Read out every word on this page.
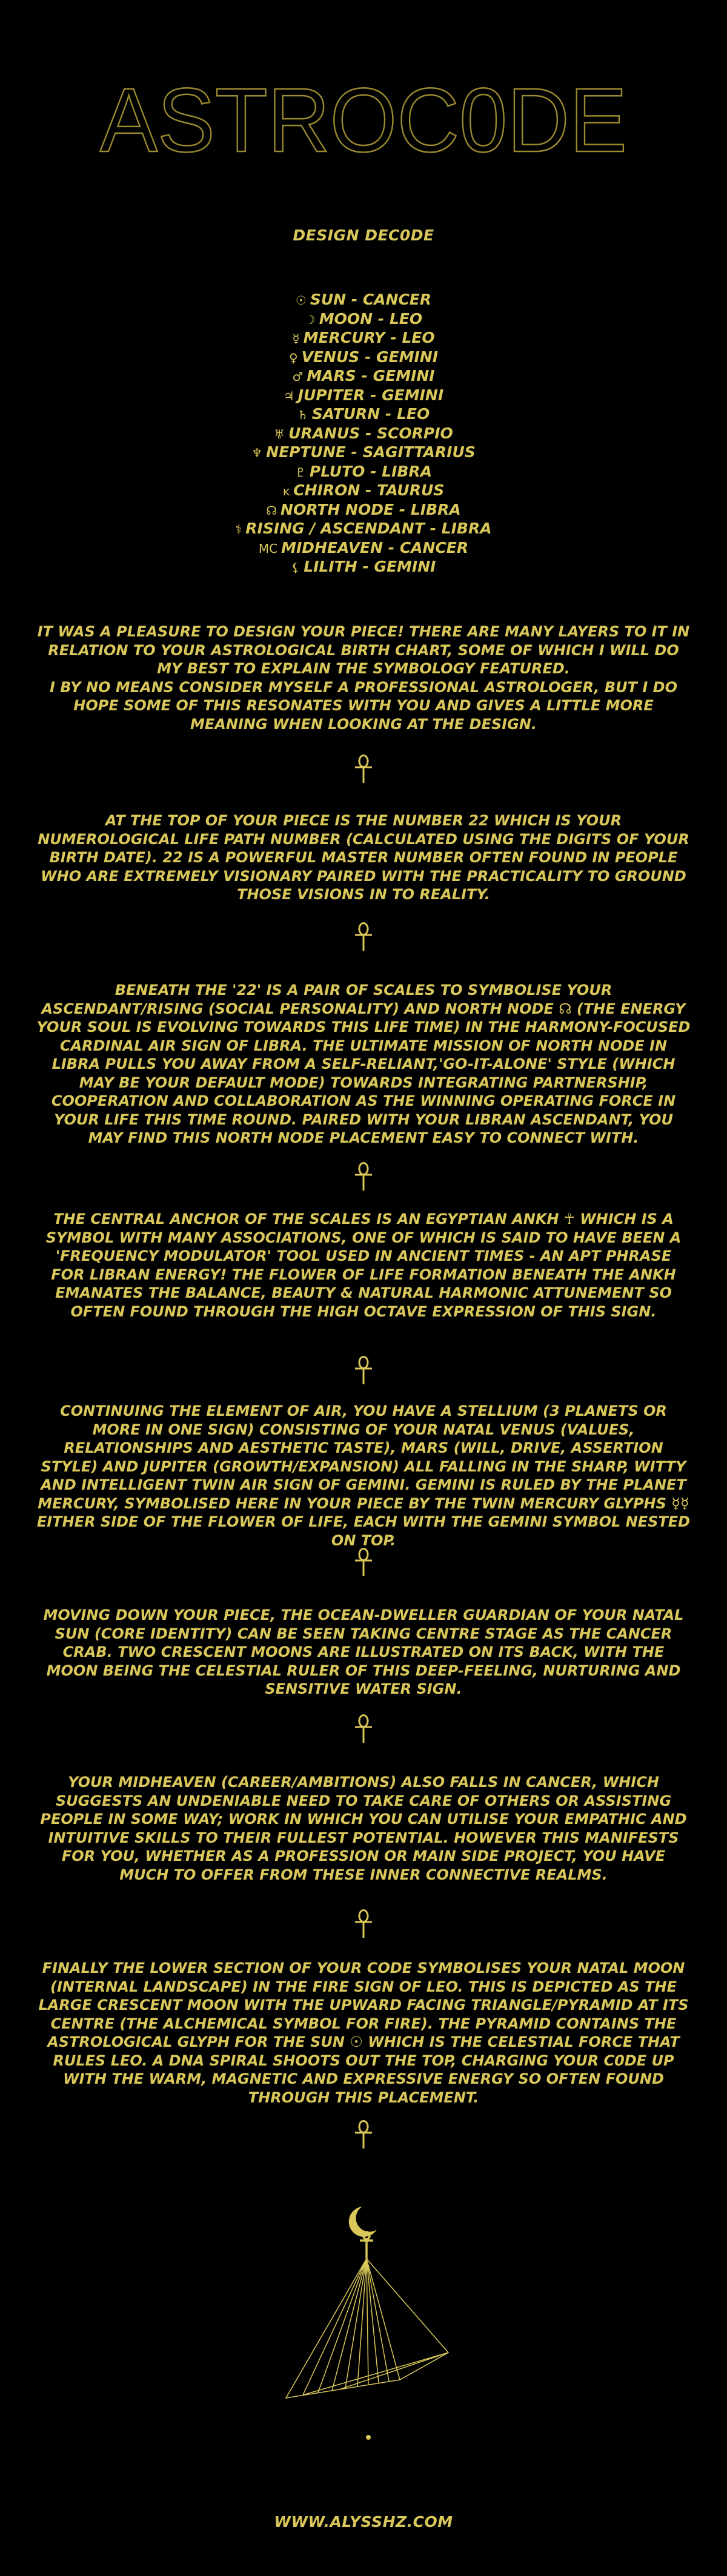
ASTROC0DE
DESIGN DEC0DE
☉ SUN - CANCER
☽ MOON - LEO
☿ MERCURY - LEO
♀ VENUS - GEMINI
♂ MARS - GEMINI
♃ JUPITER - GEMINI
♄ SATURN - LEO
♅ URANUS - SCORPIO
♆ NEPTUNE - SAGITTARIUS
♇ PLUTO - LIBRA
ĸ CHIRON - TAURUS
☊ NORTH NODE - LIBRA
⚕ RISING / ASCENDANT - LIBRA
MC MIDHEAVEN - CANCER
⚸ LILITH - GEMINI

IT WAS A PLEASURE TO DESIGN YOUR PIECE! THERE ARE MANY LAYERS TO IT IN RELATION TO YOUR ASTROLOGICAL BIRTH CHART, SOME OF WHICH I WILL DO MY BEST TO EXPLAIN THE SYMBOLOGY FEATURED.
I BY NO MEANS CONSIDER MYSELF A PROFESSIONAL ASTROLOGER, BUT I DO HOPE SOME OF THIS RESONATES WITH YOU AND GIVES A LITTLE MORE MEANING WHEN LOOKING AT THE DESIGN.

AT THE TOP OF YOUR PIECE IS THE NUMBER 22 WHICH IS YOUR NUMEROLOGICAL LIFE PATH NUMBER (CALCULATED USING THE DIGITS OF YOUR BIRTH DATE). 22 IS A POWERFUL MASTER NUMBER OFTEN FOUND IN PEOPLE WHO ARE EXTREMELY VISIONARY PAIRED WITH THE PRACTICALITY TO GROUND THOSE VISIONS IN TO REALITY.

BENEATH THE '22' IS A PAIR OF SCALES TO SYMBOLISE YOUR ASCENDANT/RISING (SOCIAL PERSONALITY) AND NORTH NODE ☊ (THE ENERGY YOUR SOUL IS EVOLVING TOWARDS THIS LIFE TIME) IN THE HARMONY-FOCUSED CARDINAL AIR SIGN OF LIBRA. THE ULTIMATE MISSION OF NORTH NODE IN LIBRA PULLS YOU AWAY FROM A SELF-RELIANT,'GO-IT-ALONE' STYLE (WHICH MAY BE YOUR DEFAULT MODE) TOWARDS INTEGRATING PARTNERSHIP, COOPERATION AND COLLABORATION AS THE WINNING OPERATING FORCE IN YOUR LIFE THIS TIME ROUND. PAIRED WITH YOUR LIBRAN ASCENDANT, YOU MAY FIND THIS NORTH NODE PLACEMENT EASY TO CONNECT WITH.

THE CENTRAL ANCHOR OF THE SCALES IS AN EGYPTIAN ANKH ☥ WHICH IS A SYMBOL WITH MANY ASSOCIATIONS, ONE OF WHICH IS SAID TO HAVE BEEN A 'FREQUENCY MODULATOR' TOOL USED IN ANCIENT TIMES - AN APT PHRASE FOR LIBRAN ENERGY! THE FLOWER OF LIFE FORMATION BENEATH THE ANKH EMANATES THE BALANCE, BEAUTY & NATURAL HARMONIC ATTUNEMENT SO OFTEN FOUND THROUGH THE HIGH OCTAVE EXPRESSION OF THIS SIGN.

CONTINUING THE ELEMENT OF AIR, YOU HAVE A STELLIUM (3 PLANETS OR MORE IN ONE SIGN) CONSISTING OF YOUR NATAL VENUS (VALUES, RELATIONSHIPS AND AESTHETIC TASTE), MARS (WILL, DRIVE, ASSERTION STYLE) AND JUPITER (GROWTH/EXPANSION) ALL FALLING IN THE SHARP, WITTY AND INTELLIGENT TWIN AIR SIGN OF GEMINI. GEMINI IS RULED BY THE PLANET MERCURY, SYMBOLISED HERE IN YOUR PIECE BY THE TWIN MERCURY GLYPHS ☿☿ EITHER SIDE OF THE FLOWER OF LIFE, EACH WITH THE GEMINI SYMBOL NESTED ON TOP.

MOVING DOWN YOUR PIECE, THE OCEAN-DWELLER GUARDIAN OF YOUR NATAL SUN (CORE IDENTITY) CAN BE SEEN TAKING CENTRE STAGE AS THE CANCER CRAB. TWO CRESCENT MOONS ARE ILLUSTRATED ON ITS BACK, WITH THE MOON BEING THE CELESTIAL RULER OF THIS DEEP-FEELING, NURTURING AND SENSITIVE WATER SIGN.

YOUR MIDHEAVEN (CAREER/AMBITIONS) ALSO FALLS IN CANCER, WHICH SUGGESTS AN UNDENIABLE NEED TO TAKE CARE OF OTHERS OR ASSISTING PEOPLE IN SOME WAY; WORK IN WHICH YOU CAN UTILISE YOUR EMPATHIC AND INTUITIVE SKILLS TO THEIR FULLEST POTENTIAL. HOWEVER THIS MANIFESTS FOR YOU, WHETHER AS A PROFESSION OR MAIN SIDE PROJECT, YOU HAVE MUCH TO OFFER FROM THESE INNER CONNECTIVE REALMS.

FINALLY THE LOWER SECTION OF YOUR CODE SYMBOLISES YOUR NATAL MOON (INTERNAL LANDSCAPE) IN THE FIRE SIGN OF LEO. THIS IS DEPICTED AS THE LARGE CRESCENT MOON WITH THE UPWARD FACING TRIANGLE/PYRAMID AT ITS CENTRE (THE ALCHEMICAL SYMBOL FOR FIRE). THE PYRAMID CONTAINS THE ASTROLOGICAL GLYPH FOR THE SUN ☉ WHICH IS THE CELESTIAL FORCE THAT RULES LEO. A DNA SPIRAL SHOOTS OUT THE TOP, CHARGING YOUR C0DE UP WITH THE WARM, MAGNETIC AND EXPRESSIVE ENERGY SO OFTEN FOUND THROUGH THIS PLACEMENT.

WWW.ALYSSHZ.COM
